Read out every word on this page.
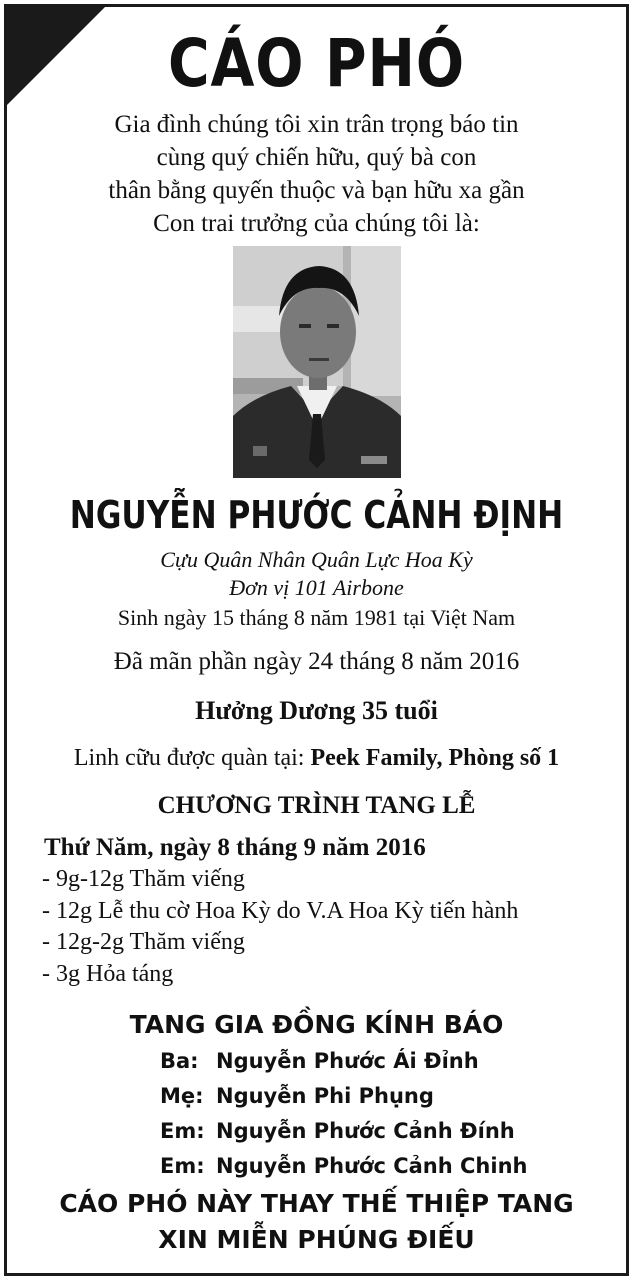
CÁO PHÓ
Gia đình chúng tôi xin trân trọng báo tin
cùng quý chiến hữu, quý bà con
thân bằng quyến thuộc và bạn hữu xa gần
Con trai trưởng của chúng tôi là:
NGUYỄN PHƯỚC CẢNH ĐỊNH
Cựu Quân Nhân Quân Lực Hoa Kỳ
Đơn vị 101 Airbone
Sinh ngày 15 tháng 8 năm 1981 tại Việt Nam
Đã mãn phần ngày 24 tháng 8 năm 2016
Hưởng Dương 35 tuổi
Linh cữu được quàn tại: Peek Family, Phòng số 1
CHƯƠNG TRÌNH TANG LỄ
Thứ Năm, ngày 8 tháng 9 năm 2016
- 9g-12g Thăm viếng
- 12g Lễ thu cờ Hoa Kỳ do V.A Hoa Kỳ tiến hành
- 12g-2g Thăm viếng
- 3g Hỏa táng
TANG GIA ĐỒNG KÍNH BÁO
Ba: Nguyễn Phước Ái Đỉnh
Mẹ: Nguyễn Phi Phụng
Em: Nguyễn Phước Cảnh Đính
Em: Nguyễn Phước Cảnh Chinh
CÁO PHÓ NÀY THAY THẾ THIỆP TANG
XIN MIỄN PHÚNG ĐIẾU
